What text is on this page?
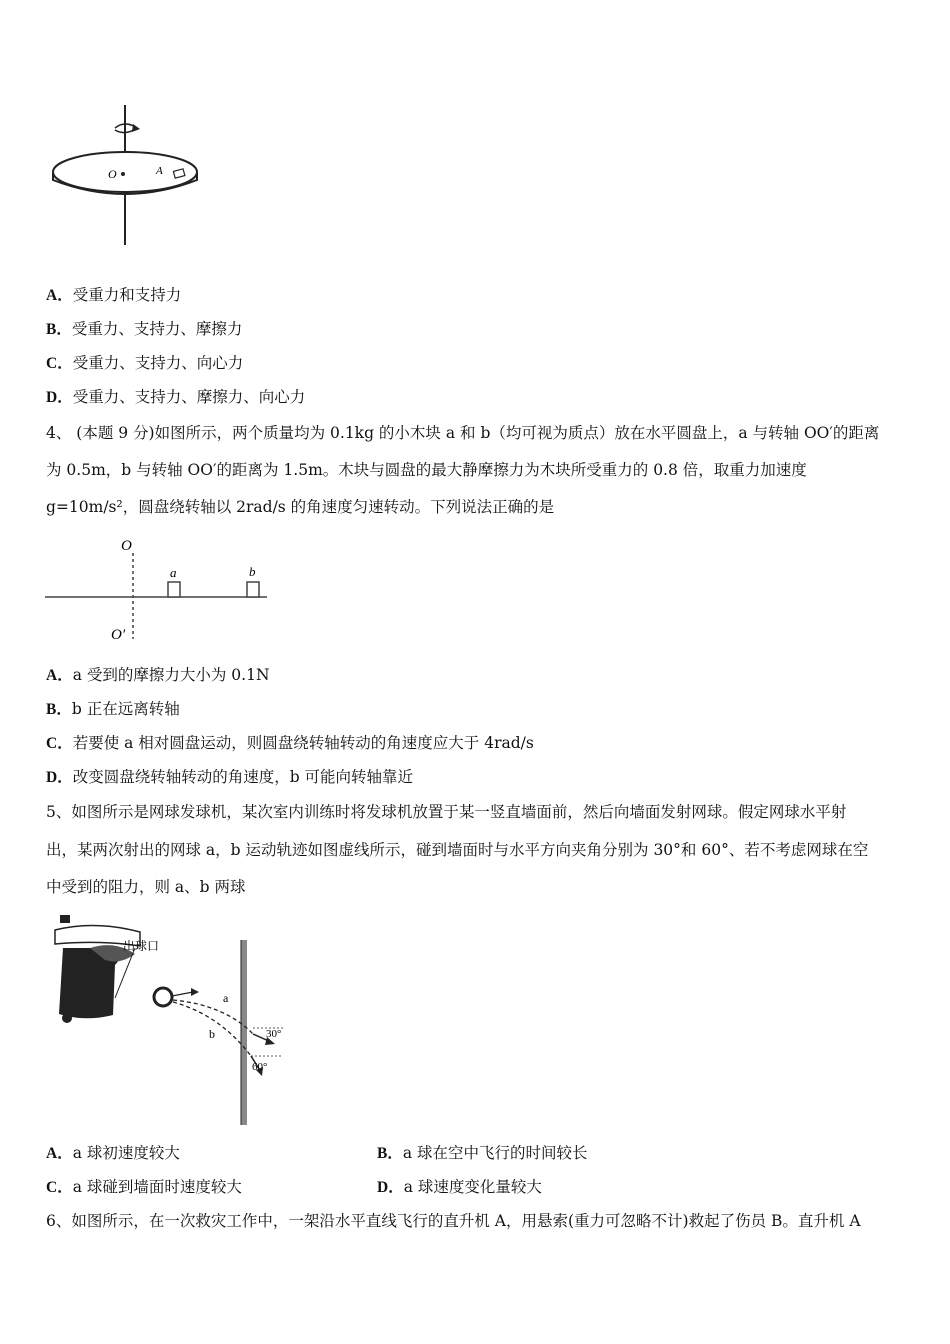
O	A
A．受重力和支持力
B．受重力、支持力、摩擦力
C．受重力、支持力、向心力
D．受重力、支持力、摩擦力、向心力
4、 (本题 9 分)如图所示，两个质量均为 0.1kg 的小木块 a 和 b（均可视为质点）放在水平圆盘上，a 与转轴 OO′的距离
为 0.5m，b 与转轴 OO′的距离为 1.5m。木块与圆盘的最大静摩擦力为木块所受重力的 0.8 倍，取重力加速度
g=10m/s²，圆盘绕转轴以 2rad/s 的角速度匀速转动。下列说法正确的是
O
O′
a	b
A．a 受到的摩擦力大小为 0.1N
B．b 正在远离转轴
C．若要使 a 相对圆盘运动，则圆盘绕转轴转动的角速度应大于 4rad/s
D．改变圆盘绕转轴转动的角速度，b 可能向转轴靠近
5、如图所示是网球发球机，某次室内训练时将发球机放置于某一竖直墙面前，然后向墙面发射网球。假定网球水平射
出，某两次射出的网球 a，b 运动轨迹如图虚线所示，碰到墙面时与水平方向夹角分别为 30°和 60°、若不考虑网球在空
中受到的阻力，则 a、b 两球
出球口
a
b	30°
60°
A．a 球初速度较大	B．a 球在空中飞行的时间较长
C．a 球碰到墙面时速度较大	D．a 球速度变化量较大
6、如图所示，在一次救灾工作中，一架沿水平直线飞行的直升机 A，用悬索(重力可忽略不计)救起了伤员 B。直升机 A
